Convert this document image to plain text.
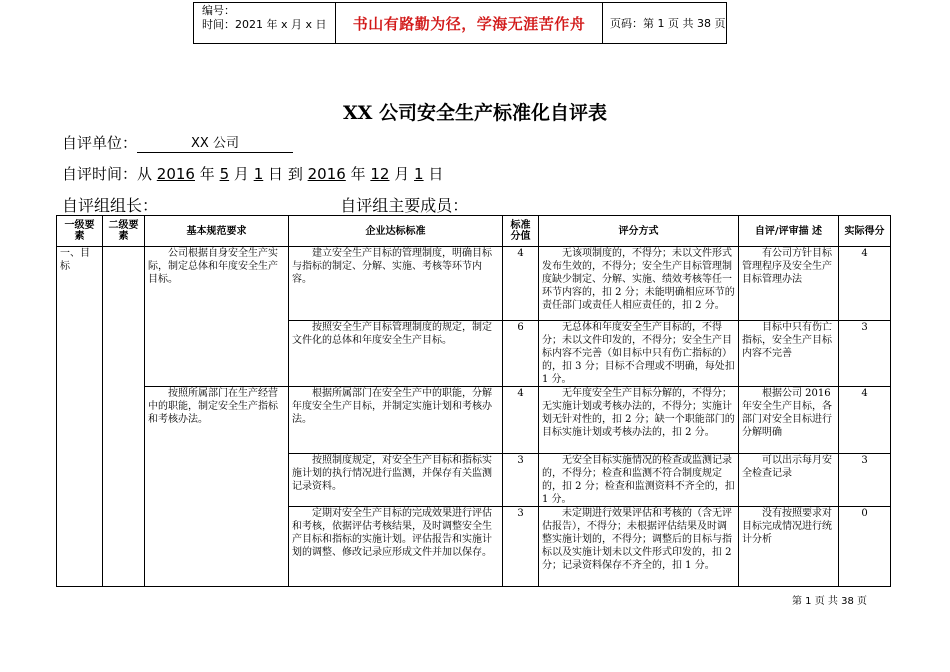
编号：
时间：2021 年 x 月 x 日	书山有路勤为径，学海无涯苦作舟	页码：第 1 页 共 38 页
XX 公司安全生产标准化自评表
自评单位：	XX 公司
自评时间：从 2016 年 5 月 1 日 到 2016 年 12 月 1 日
自评组组长：	自评组主要成员：
一级要素	二级要素	基本规范要求	企业达标标准	标准分值	评分方式	自评/评审描 述	实际得分
一、目标		公司根据自身安全生产实际，制定总体和年度安全生产目标。	建立安全生产目标的管理制度，明确目标与指标的制定、分解、实施、考核等环节内容。	4	无该项制度的，不得分；未以文件形式发布生效的，不得分；安全生产目标管理制度缺少制定、分解、实施、绩效考核等任一环节内容的，扣 2 分；未能明确相应环节的责任部门或责任人相应责任的，扣 2 分。	有公司方针目标管理程序及安全生产目标管理办法	4
			按照安全生产目标管理制度的规定，制定文件化的总体和年度安全生产目标。	6	无总体和年度安全生产目标的，不得分；未以文件印发的，不得分；安全生产目标内容不完善（如目标中只有伤亡指标的）的，扣 3 分；目标不合理或不明确，每处扣 1 分。	目标中只有伤亡指标，安全生产目标内容不完善	3
		按照所属部门在生产经营中的职能，制定安全生产指标和考核办法。	根据所属部门在安全生产中的职能，分解年度安全生产目标，并制定实施计划和考核办法。	4	无年度安全生产目标分解的，不得分；无实施计划或考核办法的，不得分；实施计划无针对性的，扣 2 分；缺一个职能部门的目标实施计划或考核办法的，扣 2 分。	根据公司 2016 年安全生产目标，各部门对安全目标进行分解明确	4
			按照制度规定，对安全生产目标和指标实施计划的执行情况进行监测，并保存有关监测记录资料。	3	无安全目标实施情况的检查或监测记录的，不得分；检查和监测不符合制度规定的，扣 2 分；检查和监测资料不齐全的，扣 1 分。	可以出示每月安全检查记录	3
			定期对安全生产目标的完成效果进行评估和考核，依据评估考核结果，及时调整安全生产目标和指标的实施计划。评估报告和实施计划的调整、修改记录应形成文件并加以保存。	3	未定期进行效果评估和考核的（含无评估报告），不得分；未根据评估结果及时调整实施计划的，不得分；调整后的目标与指标以及实施计划未以文件形式印发的，扣 2 分；记录资料保存不齐全的，扣 1 分。	没有按照要求对目标完成情况进行统计分析	0
第 1 页 共 38 页
